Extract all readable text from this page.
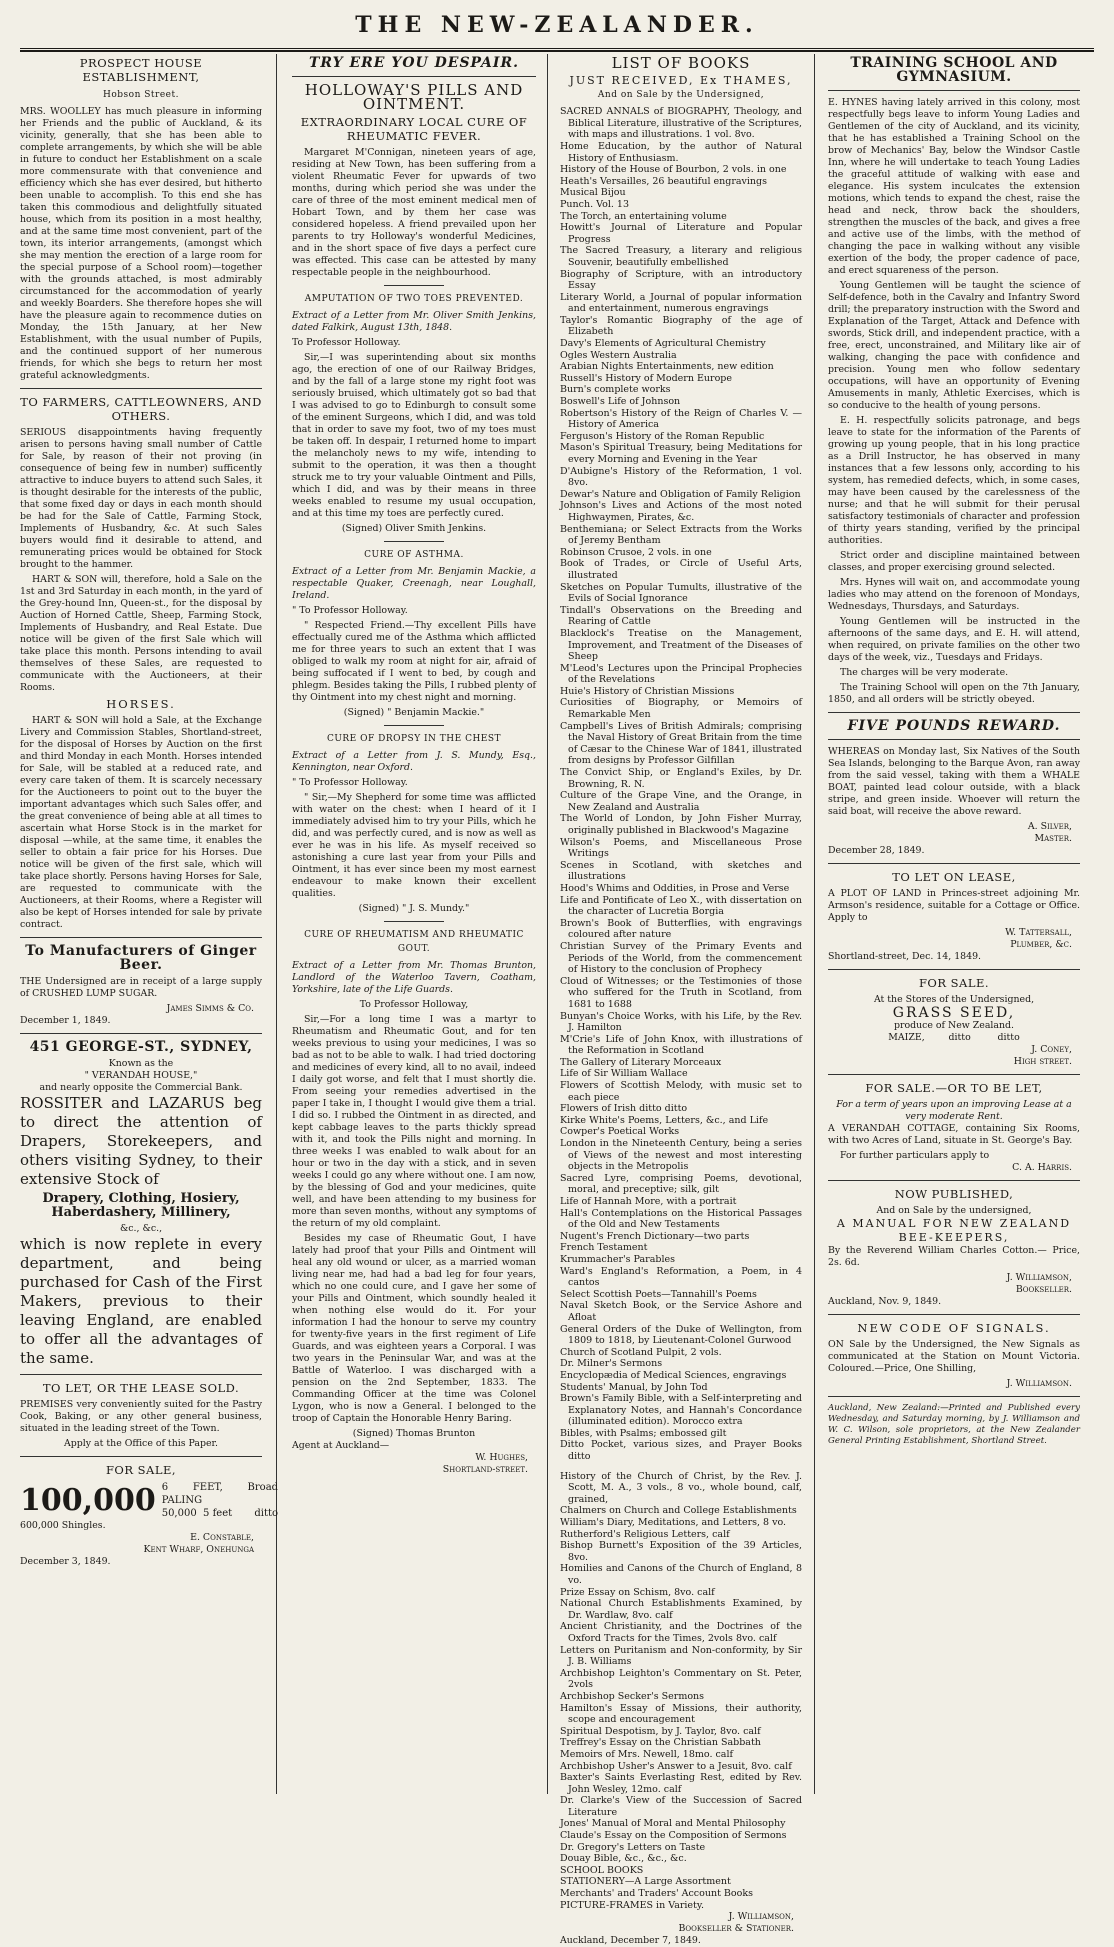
THE NEW-ZEALANDER.
PROSPECT HOUSE ESTABLISHMENT,
Hobson Street.

MRS. WOOLLEY has much pleasure in informing her Friends and the public of Auckland, & its vicinity, generally, that she has been able to complete arrangements, by which she will be able in future to conduct her Establishment on a scale more commensurate with that convenience and efficiency which she has ever desired, but hitherto been unable to accomplish. To this end she has taken this commodious and delightfully situated house, which from its position in a most healthy, and at the same time most convenient, part of the town, its interior arrangements, (amongst which she may mention the erection of a large room for the special purpose of a School room)—together with the grounds attached, is most admirably circumstanced for the accommodation of yearly and weekly Boarders. She therefore hopes she will have the pleasure again to recommence duties on Monday, the 15th January, at her New Establishment, with the usual number of Pupils, and the continued support of her numerous friends, for which she begs to return her most grateful acknowledgments.

TO FARMERS, CATTLEOWNERS, AND OTHERS.

SERIOUS disappointments having frequently arisen to persons having small number of Cattle for Sale, by reason of their not proving (in consequence of being few in number) sufficently attractive to induce buyers to attend such Sales, it is thought desirable for the interests of the public, that some fixed day or days in each month should be had for the Sale of Cattle, Farming Stock, Implements of Husbandry, &c. At such Sales buyers would find it desirable to attend, and remunerating prices would be obtained for Stock brought to the hammer.

HART & SON will, therefore, hold a Sale on the 1st and 3rd Saturday in each month, in the yard of the Grey-hound Inn, Queen-st., for the disposal by Auction of Horned Cattle, Sheep, Farming Stock, Implements of Husbandry, and Real Estate. Due notice will be given of the first Sale which will take place this month. Persons intending to avail themselves of these Sales, are requested to communicate with the Auctioneers, at their Rooms.

HORSES.

HART & SON will hold a Sale, at the Exchange Livery and Commission Stables, Shortland-street, for the disposal of Horses by Auction on the first and third Monday in each Month. Horses intended for Sale, will be stabled at a reduced rate, and every care taken of them. It is scarcely necessary for the Auctioneers to point out to the buyer the important advantages which such Sales offer, and the great convenience of being able at all times to ascertain what Horse Stock is in the market for disposal —while, at the same time, it enables the seller to obtain a fair price for his Horses. Due notice will be given of the first sale, which will take place shortly. Persons having Horses for Sale, are requested to communicate with the Auctioneers, at their Rooms, where a Register will also be kept of Horses intended for sale by private contract.

To Manufacturers of Ginger Beer.

THE Undersigned are in receipt of a large supply of CRUSHED LUMP SUGAR.

James Simms & Co.
December 1, 1849.
451 GEORGE-ST., SYDNEY,
Known as the
" VERANDAH HOUSE,"
and nearly opposite the Commercial Bank.

ROSSITER and LAZARUS beg to direct the attention of Drapers, Storekeepers, and others visiting Sydney, to their extensive Stock of

Drapery, Clothing, Hosiery, Haberdashery, Millinery,

&c., &c.,

which is now replete in every department, and being purchased for Cash of the First Makers, previous to their leaving England, are enabled to offer all the advantages of the same.

TO LET, OR THE LEASE SOLD.

PREMISES very conveniently suited for the Pastry Cook, Baking, or any other general business, situated in the leading street of the Town.

Apply at the Office of this Paper.
FOR SALE,
100,000 6 FEET, Broad PALING
50,000  5 feet       ditto
600,000 Shingles.
E. Constable,
Kent Wharf, Onehunga
December 3, 1849.
TRY ERE YOU DESPAIR.
HOLLOWAY'S PILLS AND OINTMENT.
EXTRAORDINARY LOCAL CURE OF RHEUMATIC FEVER.

Margaret M'Connigan, nineteen years of age, residing at New Town, has been suffering from a violent Rheumatic Fever for upwards of two months, during which period she was under the care of three of the most eminent medical men of Hobart Town, and by them her case was considered hopeless. A friend prevailed upon her parents to try Holloway's wonderful Medicines, and in the short space of five days a perfect cure was effected. This case can be attested by many respectable people in the neighbourhood.

AMPUTATION OF TWO TOES PREVENTED.

Extract of a Letter from Mr. Oliver Smith Jenkins, dated Falkirk, August 13th, 1848.

To Professor Holloway.

Sir,—I was superintending about six months ago, the erection of one of our Railway Bridges, and by the fall of a large stone my right foot was seriously bruised, which ultimately got so bad that I was advised to go to Edinburgh to consult some of the eminent Surgeons, which I did, and was told that in order to save my foot, two of my toes must be taken off. In despair, I returned home to impart the melancholy news to my wife, intending to submit to the operation, it was then a thought struck me to try your valuable Ointment and Pills, which I did, and was by their means in three weeks enabled to resume my usual occupation, and at this time my toes are perfectly cured.

(Signed) Oliver Smith Jenkins.
CURE OF ASTHMA.

Extract of a Letter from Mr. Benjamin Mackie, a respectable Quaker, Creenagh, near Loughall, Ireland.

" To Professor Holloway.

" Respected Friend.—Thy excellent Pills have effectually cured me of the Asthma which afflicted me for three years to such an extent that I was obliged to walk my room at night for air, afraid of being suffocated if I went to bed, by cough and phlegm. Besides taking the Pills, I rubbed plenty of thy Ointment into my chest night and morning.

(Signed) " Benjamin Mackie."
CURE OF DROPSY IN THE CHEST

Extract of a Letter from J. S. Mundy, Esq., Kennington, near Oxford.

" To Professor Holloway.

" Sir,—My Shepherd for some time was afflicted with water on the chest: when I heard of it I immediately advised him to try your Pills, which he did, and was perfectly cured, and is now as well as ever he was in his life. As myself received so astonishing a cure last year from your Pills and Ointment, it has ever since been my most earnest endeavour to make known their excellent qualities.

(Signed) " J. S. Mundy."
CURE OF RHEUMATISM AND RHEUMATIC GOUT.

Extract of a Letter from Mr. Thomas Brunton, Landlord of the Waterloo Tavern, Coatham, Yorkshire, late of the Life Guards.

To Professor Holloway,

Sir,—For a long time I was a martyr to Rheumatism and Rheumatic Gout, and for ten weeks previous to using your medicines, I was so bad as not to be able to walk. I had tried doctoring and medicines of every kind, all to no avail, indeed I daily got worse, and felt that I must shortly die. From seeing your remedies advertised in the paper I take in, I thought I would give them a trial. I did so. I rubbed the Ointment in as directed, and kept cabbage leaves to the parts thickly spread with it, and took the Pills night and morning. In three weeks I was enabled to walk about for an hour or two in the day with a stick, and in seven weeks I could go any where without one. I am now, by the blessing of God and your medicines, quite well, and have been attending to my business for more than seven months, without any symptoms of the return of my old complaint.

Besides my case of Rheumatic Gout, I have lately had proof that your Pills and Ointment will heal any old wound or ulcer, as a married woman living near me, had had a bad leg for four years, which no one could cure, and I gave her some of your Pills and Ointment, which soundly healed it when nothing else would do it. For your information I had the honour to serve my country for twenty-five years in the first regiment of Life Guards, and was eighteen years a Corporal. I was two years in the Peninsular War, and was at the Battle of Waterloo. I was discharged with a pension on the 2nd September, 1833. The Commanding Officer at the time was Colonel Lygon, who is now a General. I belonged to the troop of Captain the Honorable Henry Baring.

(Signed) Thomas Brunton
Agent at Auckland—
W. Hughes,
Shortland-street.
LIST OF BOOKS
JUST RECEIVED, Ex THAMES,
And on Sale by the Undersigned,

SACRED ANNALS of BIOGRAPHY, Theology, and Biblical Literature, illustrative of the Scriptures, with maps and illustrations. 1 vol. 8vo.

Home Education, by the author of Natural History of Enthusiasm.

History of the House of Bourbon, 2 vols. in one

Heath's Versailles, 26 beautiful engravings

Musical Bijou

Punch. Vol. 13

The Torch, an entertaining volume

Howitt's Journal of Literature and Popular Progress

The Sacred Treasury, a literary and religious Souvenir, beautifully embellished

Biography of Scripture, with an introductory Essay

Literary World, a Journal of popular information and entertainment, numerous engravings

Taylor's Romantic Biography of the age of Elizabeth

Davy's Elements of Agricultural Chemistry

Ogles Western Australia

Arabian Nights Entertainments, new edition

Russell's History of Modern Europe

Burn's complete works

Boswell's Life of Johnson

Robertson's History of the Reign of Charles V. —History of America

Ferguson's History of the Roman Republic

Mason's Spiritual Treasury, being Meditations for every Morning and Evening in the Year

D'Aubigne's History of the Reformation, 1 vol. 8vo.

Dewar's Nature and Obligation of Family Religion

Johnson's Lives and Actions of the most noted Highwaymen, Pirates, &c.

Benthemiana; or Select Extracts from the Works of Jeremy Bentham

Robinson Crusoe, 2 vols. in one

Book of Trades, or Circle of Useful Arts, illustrated

Sketches on Popular Tumults, illustrative of the Evils of Social Ignorance

Tindall's Observations on the Breeding and Rearing of Cattle

Blacklock's Treatise on the Management, Improvement, and Treatment of the Diseases of Sheep

M'Leod's Lectures upon the Principal Prophecies of the Revelations

Huie's History of Christian Missions

Curiosities of Biography, or Memoirs of Remarkable Men

Campbell's Lives of British Admirals; comprising the Naval History of Great Britain from the time of Cæsar to the Chinese War of 1841, illustrated from designs by Professor Gilfillan

The Convict Ship, or England's Exiles, by Dr. Browning, R. N.

Culture of the Grape Vine, and the Orange, in New Zealand and Australia

The World of London, by John Fisher Murray, originally published in Blackwood's Magazine

Wilson's Poems, and Miscellaneous Prose Writings

Scenes in Scotland, with sketches and illustrations

Hood's Whims and Oddities, in Prose and Verse

Life and Pontificate of Leo X., with dissertation on the character of Lucretia Borgia

Brown's Book of Butterflies, with engravings coloured after nature

Christian Survey of the Primary Events and Periods of the World, from the commencement of History to the conclusion of Prophecy

Cloud of Witnesses; or the Testimonies of those who suffered for the Truth in Scotland, from 1681 to 1688

Bunyan's Choice Works, with his Life, by the Rev. J. Hamilton

M'Crie's Life of John Knox, with illustrations of the Reformation in Scotland

The Gallery of Literary Morceaux

Life of Sir William Wallace

Flowers of Scottish Melody, with music set to each piece

Flowers of Irish ditto ditto

Kirke White's Poems, Letters, &c., and Life

Cowper's Poetical Works

London in the Nineteenth Century, being a series of Views of the newest and most interesting objects in the Metropolis

Sacred Lyre, comprising Poems, devotional, moral, and preceptive; silk, gilt

Life of Hannah More, with a portrait

Hall's Contemplations on the Historical Passages of the Old and New Testaments

Nugent's French Dictionary—two parts

French Testament

Krummacher's Parables

Ward's England's Reformation, a Poem, in 4 cantos

Select Scottish Poets—Tannahill's Poems

Naval Sketch Book, or the Service Ashore and Afloat

General Orders of the Duke of Wellington, from 1809 to 1818, by Lieutenant-Colonel Gurwood

Church of Scotland Pulpit, 2 vols.

Dr. Milner's Sermons

Encyclopædia of Medical Sciences, engravings

Students' Manual, by John Tod

Brown's Family Bible, with a Self-interpreting and Explanatory Notes, and Hannah's Concordance (illuminated edition). Morocco extra

Bibles, with Psalms; embossed gilt

Ditto Pocket, various sizes, and Prayer Books ditto

History of the Church of Christ, by the Rev. J. Scott, M. A., 3 vols., 8 vo., whole bound, calf, grained,

Chalmers on Church and College Establishments

William's Diary, Meditations, and Letters, 8 vo.

Rutherford's Religious Letters, calf

Bishop Burnett's Exposition of the 39 Articles, 8vo.

Homilies and Canons of the Church of England, 8 vo.

Prize Essay on Schism, 8vo. calf

National Church Establishments Examined, by Dr. Wardlaw, 8vo. calf

Ancient Christianity, and the Doctrines of the Oxford Tracts for the Times, 2vols 8vo. calf

Letters on Puritanism and Non-conformity, by Sir J. B. Williams

Archbishop Leighton's Commentary on St. Peter, 2vols

Archbishop Secker's Sermons

Hamilton's Essay of Missions, their authority, scope and encouragement

Spiritual Despotism, by J. Taylor, 8vo. calf

Treffrey's Essay on the Christian Sabbath

Memoirs of Mrs. Newell, 18mo. calf

Archbishop Usher's Answer to a Jesuit, 8vo. calf

Baxter's Saints Everlasting Rest, edited by Rev. John Wesley, 12mo. calf

Dr. Clarke's View of the Succession of Sacred Literature

Jones' Manual of Moral and Mental Philosophy

Claude's Essay on the Composition of Sermons

Dr. Gregory's Letters on Taste

Douay Bible, &c., &c., &c.

SCHOOL BOOKS

STATIONERY—A Large Assortment

Merchants' and Traders' Account Books

PICTURE-FRAMES in Variety.

J. Williamson,
Bookseller & Stationer.
Auckland, December 7, 1849.
TRAINING SCHOOL AND GYMNASIUM.

E. HYNES having lately arrived in this colony, most respectfully begs leave to inform Young Ladies and Gentlemen of the city of Auckland, and its vicinity, that he has established a Training School on the brow of Mechanics' Bay, below the Windsor Castle Inn, where he will undertake to teach Young Ladies the graceful attitude of walking with ease and elegance. His system inculcates the extension motions, which tends to expand the chest, raise the head and neck, throw back the shoulders, strengthen the muscles of the back, and gives a free and active use of the limbs, with the method of changing the pace in walking without any visible exertion of the body, the proper cadence of pace, and erect squareness of the person.

Young Gentlemen will be taught the science of Self-defence, both in the Cavalry and Infantry Sword drill; the preparatory instruction with the Sword and Explanation of the Target, Attack and Defence with swords, Stick drill, and independent practice, with a free, erect, unconstrained, and Military like air of walking, changing the pace with confidence and precision. Young men who follow sedentary occupations, will have an opportunity of Evening Amusements in manly, Athletic Exercises, which is so conducive to the health of young persons.

E. H. respectfully solicits patronage, and begs leave to state for the information of the Parents of growing up young people, that in his long practice as a Drill Instructor, he has observed in many instances that a few lessons only, according to his system, has remedied defects, which, in some cases, may have been caused by the carelessness of the nurse; and that he will submit for their perusal satisfactory testimonials of character and profession of thirty years standing, verified by the principal authorities.

Strict order and discipline maintained between classes, and proper exercising ground selected.

Mrs. Hynes will wait on, and accommodate young ladies who may attend on the forenoon of Mondays, Wednesdays, Thursdays, and Saturdays.

Young Gentlemen will be instructed in the afternoons of the same days, and E. H. will attend, when required, on private families on the other two days of the week, viz., Tuesdays and Fridays.

The charges will be very moderate.

The Training School will open on the 7th January, 1850, and all orders will be strictly obeyed.

FIVE POUNDS REWARD.

WHEREAS on Monday last, Six Natives of the South Sea Islands, belonging to the Barque Avon, ran away from the said vessel, taking with them a WHALE BOAT, painted lead colour outside, with a black stripe, and green inside. Whoever will return the said boat, will receive the above reward.

A. Silver,
Master.
December 28, 1849.
TO LET ON LEASE,

A PLOT OF LAND in Princes-street adjoining Mr. Armson's residence, suitable for a Cottage or Office. Apply to

W. Tattersall,
Plumber, &c.
Shortland-street, Dec. 14, 1849.
FOR SALE.
At the Stores of the Undersigned,
GRASS SEED,
produce of New Zealand.
MAIZE,        ditto         ditto
J. Coney,
High street.
FOR SALE.—OR TO BE LET,
For a term of years upon an improving Lease at a very moderate Rent.

A VERANDAH COTTAGE, containing Six Rooms, with two Acres of Land, situate in St. George's Bay.

For further particulars apply to
C. A. Harris.
NOW PUBLISHED,
And on Sale by the undersigned,
A MANUAL FOR NEW ZEALAND
BEE-KEEPERS,

By the Reverend William Charles Cotton.— Price, 2s. 6d.

J. Williamson,
Bookseller.
Auckland, Nov. 9, 1849.
NEW CODE OF SIGNALS.

ON Sale by the Undersigned, the New Signals as communicated at the Station on Mount Victoria. Coloured.—Price, One Shilling,

J. Williamson.

Auckland, New Zealand:—Printed and Published every Wednesday, and Saturday morning, by J. Williamson and W. C. Wilson, sole proprietors, at the New Zealander General Printing Establishment, Shortland Street.
